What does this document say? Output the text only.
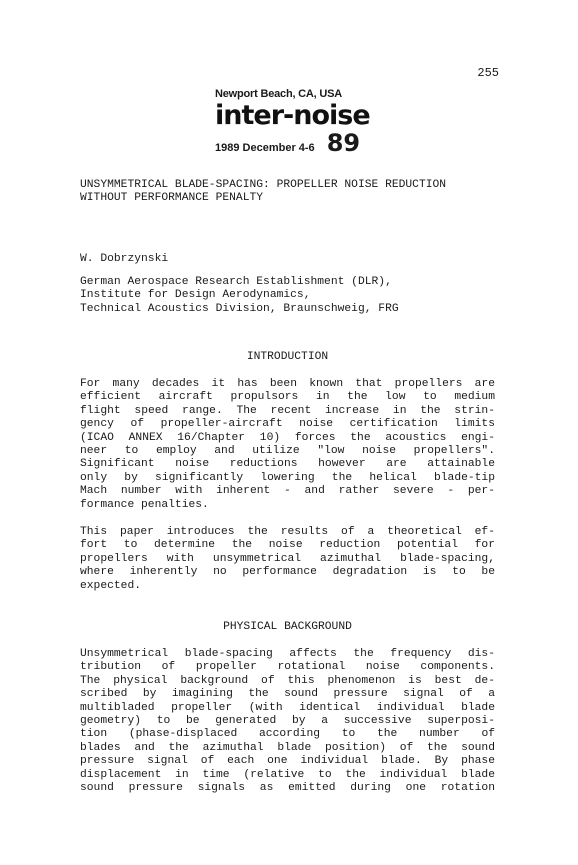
255
Newport Beach, CA, USA
inter-noise
1989 December 4-6 89
UNSYMMETRICAL BLADE-SPACING: PROPELLER NOISE REDUCTION
WITHOUT PERFORMANCE PENALTY
W. Dobrzynski
German Aerospace Research Establishment (DLR),
Institute for Design Aerodynamics,
Technical Acoustics Division, Braunschweig, FRG
INTRODUCTION
For many decades it has been known that propellers are
efficient aircraft propulsors in the low to medium
flight speed range. The recent increase in the strin-
gency of propeller-aircraft noise certification limits
(ICAO ANNEX 16/Chapter 10) forces the acoustics engi-
neer to employ and utilize "low noise propellers".
Significant noise reductions however are attainable
only by significantly lowering the helical blade-tip
Mach number with inherent - and rather severe - per-
formance penalties.
This paper introduces the results of a theoretical ef-
fort to determine the noise reduction potential for
propellers with unsymmetrical azimuthal blade-spacing,
where inherently no performance degradation is to be
expected.
PHYSICAL BACKGROUND
Unsymmetrical blade-spacing affects the frequency dis-
tribution of propeller rotational noise components.
The physical background of this phenomenon is best de-
scribed by imagining the sound pressure signal of a
multibladed propeller (with identical individual blade
geometry) to be generated by a successive superposi-
tion (phase-displaced according to the number of
blades and the azimuthal blade position) of the sound
pressure signal of each one individual blade. By phase
displacement in time (relative to the individual blade
sound pressure signals as emitted during one rotation
